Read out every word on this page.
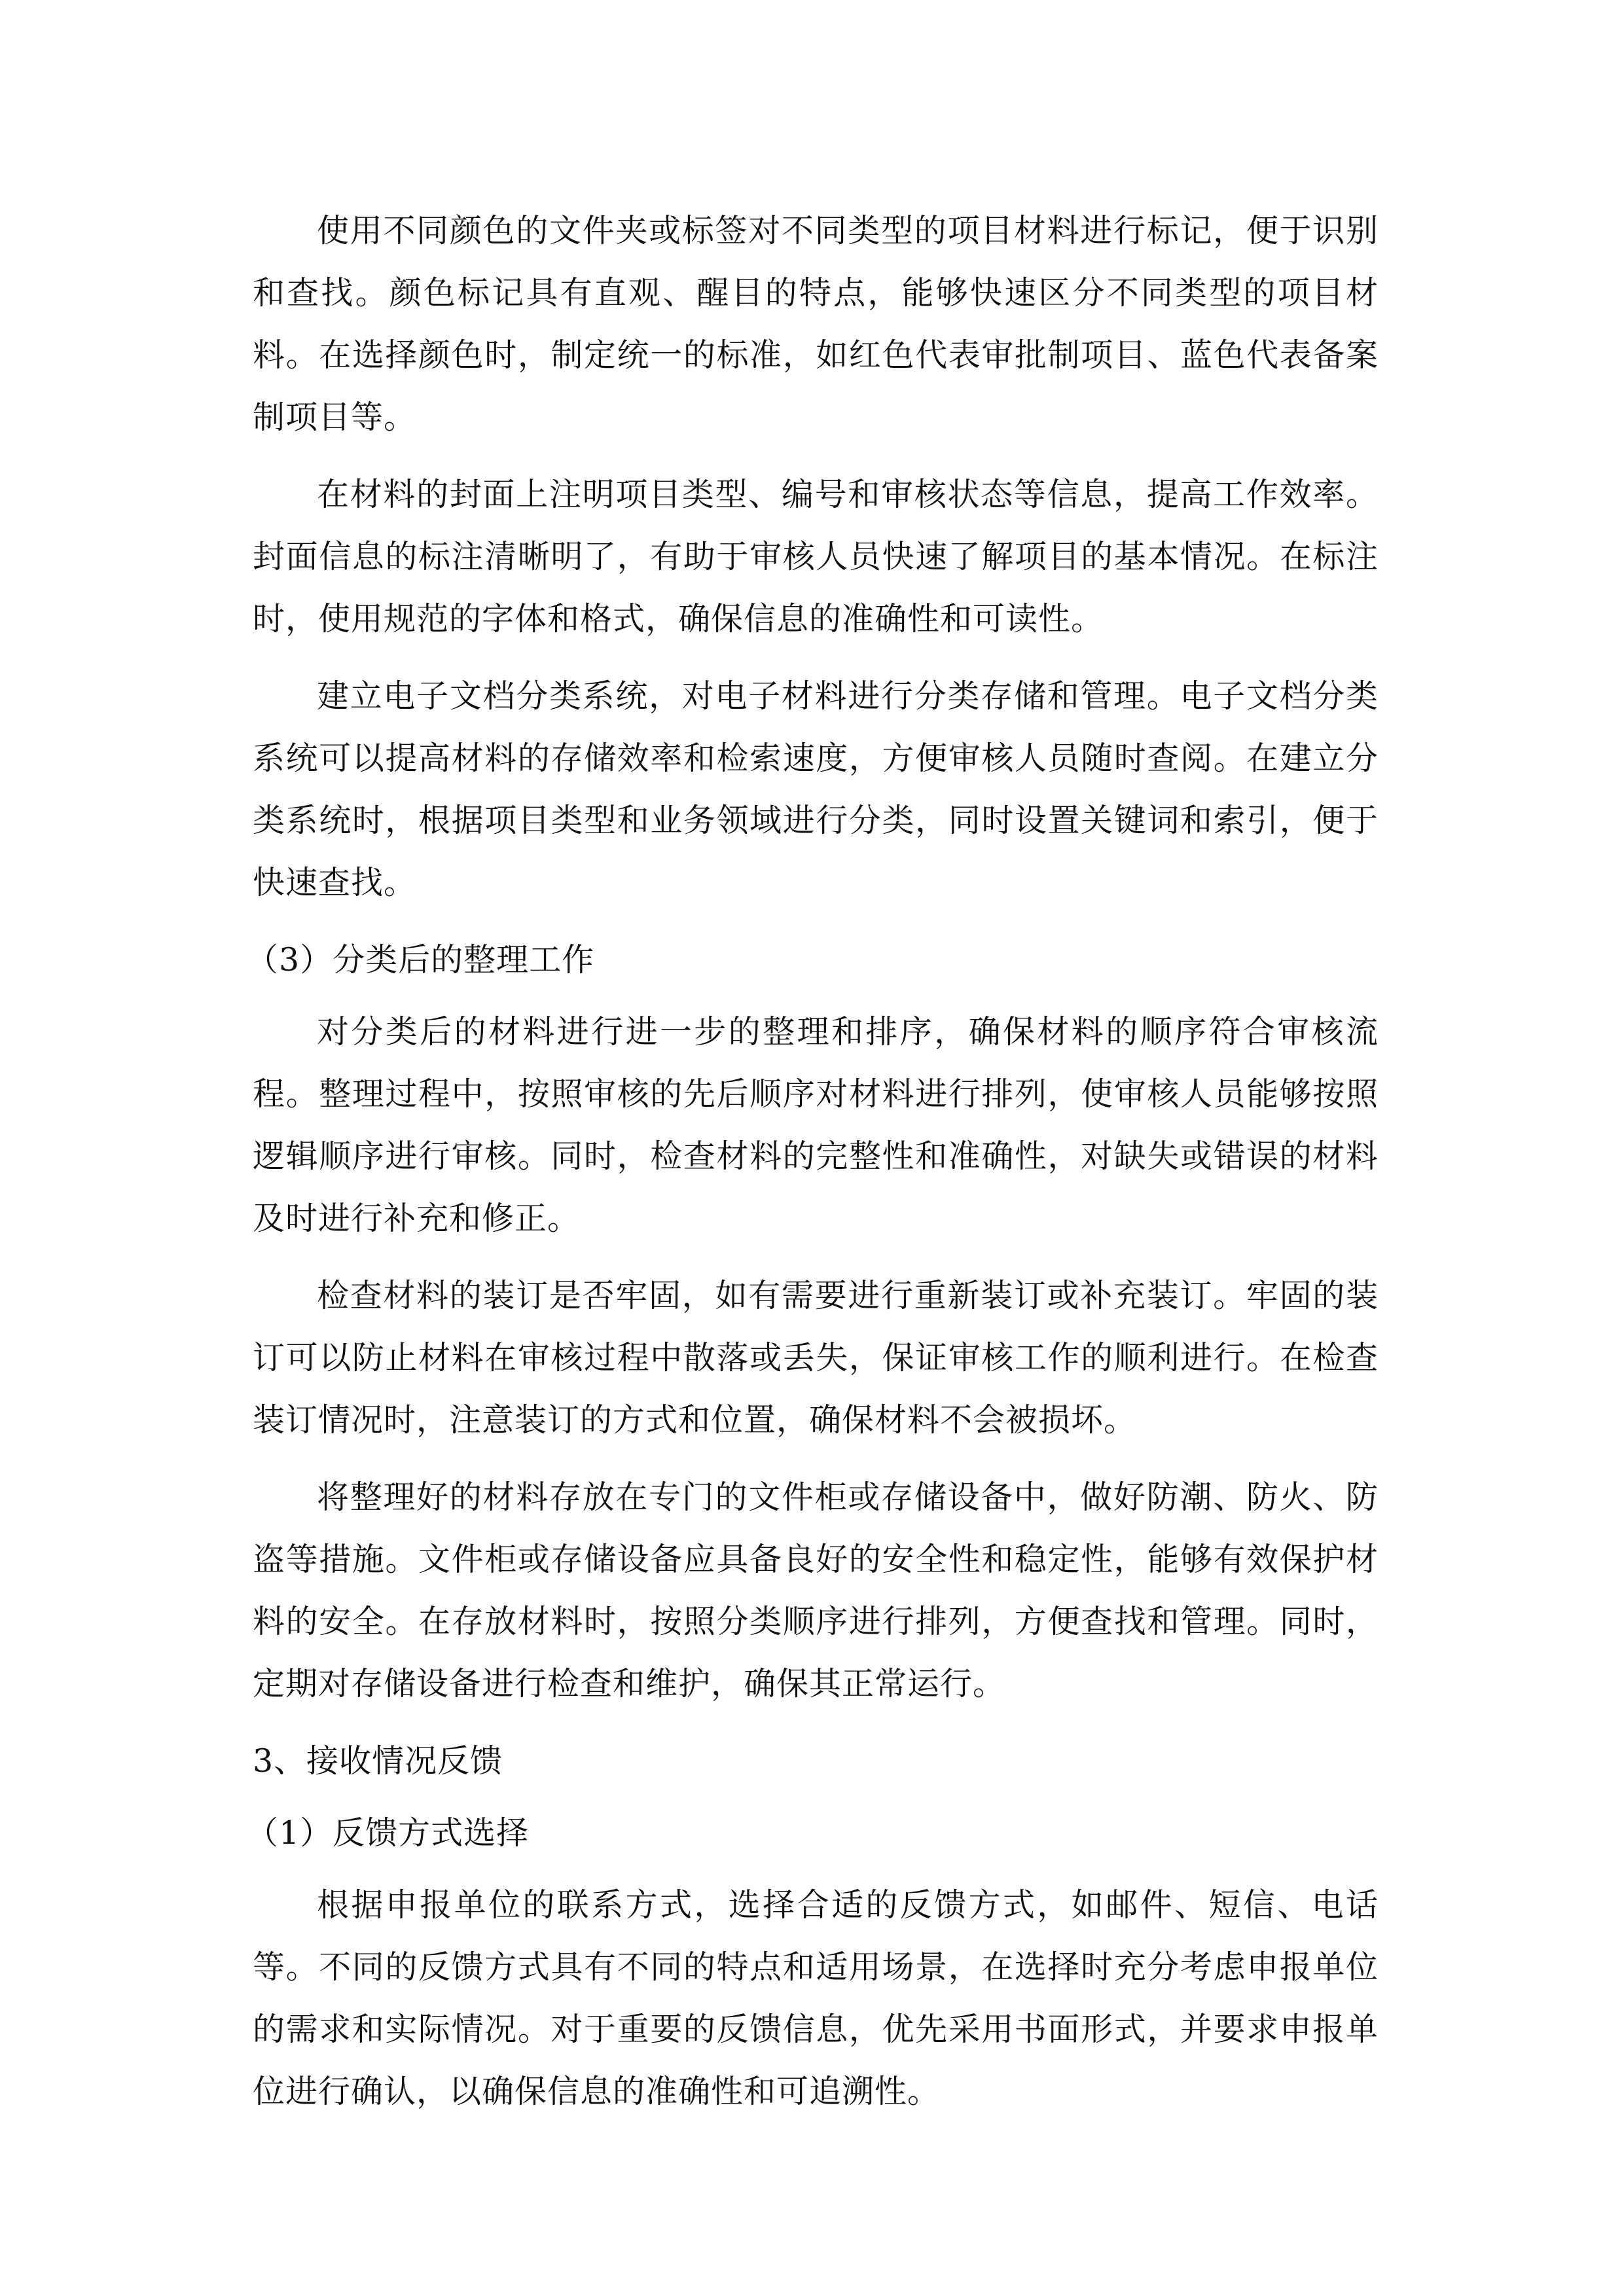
使用不同颜色的文件夹或标签对不同类型的项目材料进行标记，便于识别和查找。颜色标记具有直观、醒目的特点，能够快速区分不同类型的项目材料。在选择颜色时，制定统一的标准，如红色代表审批制项目、蓝色代表备案制项目等。

在材料的封面上注明项目类型、编号和审核状态等信息，提高工作效率。封面信息的标注清晰明了，有助于审核人员快速了解项目的基本情况。在标注时，使用规范的字体和格式，确保信息的准确性和可读性。

建立电子文档分类系统，对电子材料进行分类存储和管理。电子文档分类系统可以提高材料的存储效率和检索速度，方便审核人员随时查阅。在建立分类系统时，根据项目类型和业务领域进行分类，同时设置关键词和索引，便于快速查找。

（3）分类后的整理工作

对分类后的材料进行进一步的整理和排序，确保材料的顺序符合审核流程。整理过程中，按照审核的先后顺序对材料进行排列，使审核人员能够按照逻辑顺序进行审核。同时，检查材料的完整性和准确性，对缺失或错误的材料及时进行补充和修正。

检查材料的装订是否牢固，如有需要进行重新装订或补充装订。牢固的装订可以防止材料在审核过程中散落或丢失，保证审核工作的顺利进行。在检查装订情况时，注意装订的方式和位置，确保材料不会被损坏。

将整理好的材料存放在专门的文件柜或存储设备中，做好防潮、防火、防盗等措施。文件柜或存储设备应具备良好的安全性和稳定性，能够有效保护材料的安全。在存放材料时，按照分类顺序进行排列，方便查找和管理。同时，定期对存储设备进行检查和维护，确保其正常运行。

3、接收情况反馈

（1）反馈方式选择

根据申报单位的联系方式，选择合适的反馈方式，如邮件、短信、电话等。不同的反馈方式具有不同的特点和适用场景，在选择时充分考虑申报单位的需求和实际情况。对于重要的反馈信息，优先采用书面形式，并要求申报单位进行确认，以确保信息的准确性和可追溯性。
